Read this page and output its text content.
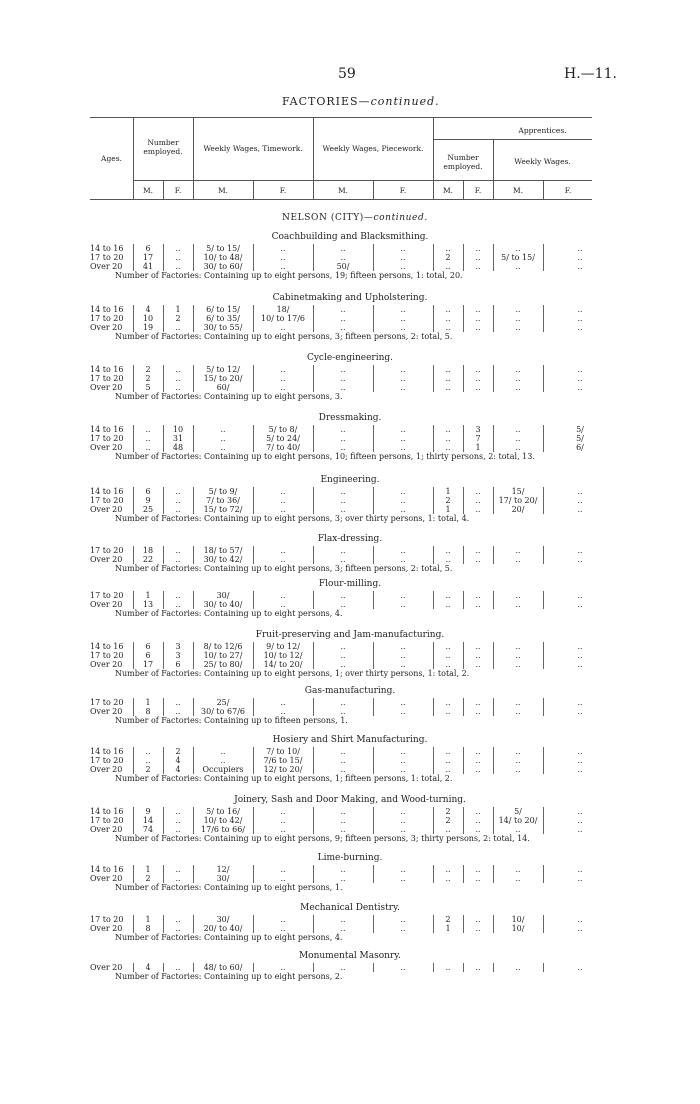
59	H.—11.
FACTORIES—continued.
Ages.
Number employed.	Weekly Wages, Timework.	Weekly Wages, Piecework.
Apprentices.
Number employed.
Weekly Wages.
M.	F.	M.	F.	M.	F.	M.	F.	M.	F.
NELSON (CITY)—continued.
Coachbuilding and Blacksmithing.
14 to 16	6	..	5/ to 15/	..	..	..	..	..	..	..
17 to 20	17	..	10/ to 48/	..	..	..	2	..	5/ to 15/	..
Over 20	41	..	30/ to 60/	..	50/	..	..	..	..	..
Number of Factories: Containing up to eight persons, 19; fifteen persons, 1: total, 20.
Cabinetmaking and Upholstering.
14 to 16	4	1	6/ to 15/	18/	..	..	..	..	..	..
17 to 20	10	2	6/ to 35/	10/ to 17/6	..	..	..	..	..	..
Over 20	19	..	30/ to 55/	..	..	..	..	..	..	..
Number of Factories: Containing up to eight persons, 3; fifteen persons, 2: total, 5.
Cycle-engineering.
14 to 16	2	..	5/ to 12/	..	..	..	..	..	..	..
17 to 20	2	..	15/ to 20/	..	..	..	..	..	..	..
Over 20	5	..	60/	..	..	..	..	..	..	..
Number of Factories: Containing up to eight persons, 3.
Dressmaking.
14 to 16	..	10	..	5/ to 8/	..	..	..	3	..	5/
17 to 20	..	31	..	5/ to 24/	..	..	..	7	..	5/
Over 20	..	48	..	7/ to 40/	..	..	..	1	..	6/
Number of Factories: Containing up to eight persons, 10; fifteen persons, 1; thirty persons, 2: total, 13.
Engineering.
14 to 16	6	..	5/ to 9/	..	..	..	1	..	15/	..
17 to 20	9	..	7/ to 36/	..	..	..	2	..	17/ to 20/	..
Over 20	25	..	15/ to 72/	..	..	..	1	..	20/	..
Number of Factories: Containing up to eight persons, 3; over thirty persons, 1: total, 4.
Flax-dressing.
17 to 20	18	..	18/ to 57/	..	..	..	..	..	..	..
Over 20	22	..	30/ to 42/	..	..	..	..	..	..	..
Number of Factories: Containing up to eight persons, 3; fifteen persons, 2: total, 5.
Flour-milling.
17 to 20	1	..	30/	..	..	..	..	..	..	..
Over 20	13	..	30/ to 40/	..	..	..	..	..	..	..
Number of Factories: Containing up to eight persons, 4.
Fruit-preserving and Jam-manufacturing.
14 to 16	6	3	8/ to 12/6	9/ to 12/	..	..	..	..	..	..
17 to 20	6	3	10/ to 27/	10/ to 12/	..	..	..	..	..	..
Over 20	17	6	25/ to 80/	14/ to 20/	..	..	..	..	..	..
Number of Factories: Containing up to eight persons, 1; over thirty persons, 1: total, 2.
Gas-manufacturing.
17 to 20	1	..	25/	..	..	..	..	..	..	..
Over 20	8	..	30/ to 67/6	..	..	..	..	..	..	..
Number of Factories: Containing up to fifteen persons, 1.
Hosiery and Shirt Manufacturing.
14 to 16	..	2	..	7/ to 10/	..	..	..	..	..	..
17 to 20	..	4	..	7/6 to 15/	..	..	..	..	..	..
Over 20	2	4	Occupiers	12/ to 20/	..	..	..	..	..	..
Number of Factories: Containing up to eight persons, 1; fifteen persons, 1: total, 2.
Joinery, Sash and Door Making, and Wood-turning.
14 to 16	9	..	5/ to 16/	..	..	..	2	..	5/	..
17 to 20	14	..	10/ to 42/	..	..	..	2	..	14/ to 20/	..
Over 20	74	..	17/6 to 66/	..	..	..	..	..	..	..
Number of Factories: Containing up to eight persons, 9; fifteen persons, 3; thirty persons, 2: total, 14.
Lime-burning.
14 to 16	1	..	12/	..	..	..	..	..	..	..
Over 20	2	..	30/	..	..	..	..	..	..	..
Number of Factories: Containing up to eight persons, 1.
Mechanical Dentistry.
17 to 20	1	..	30/	..	..	..	2	..	10/	..
Over 20	8	..	20/ to 40/	..	..	..	1	..	10/	..
Number of Factories: Containing up to eight persons, 4.
Monumental Masonry.
Over 20	4	..	48/ to 60/	..	..	..	..	..	..	..
Number of Factories: Containing up to eight persons, 2.
